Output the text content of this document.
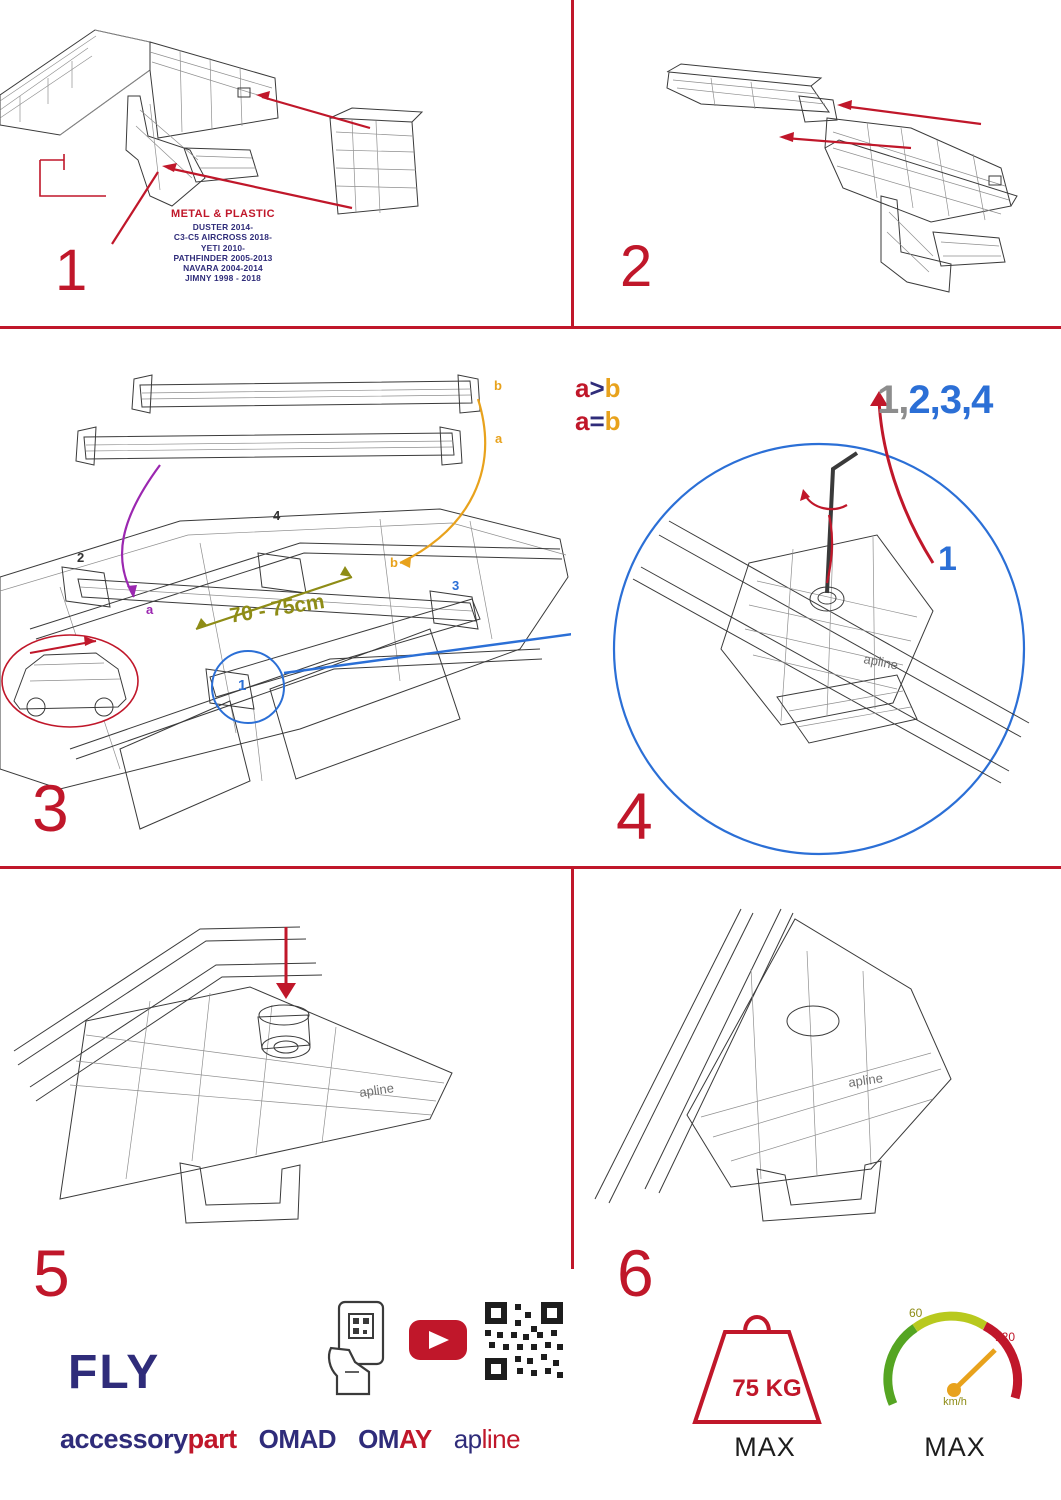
METAL & PLASTIC
DUSTER 2014-
C3-C5 AIRCROSS 2018-
YETI 2010-
PATHFINDER 2005-2013
NAVARA 2004-2014
JIMNY 1998 - 2018
1	2
a>b
a=b
70 - 75cm
b
a
b
a
2
3
4
1
3
apline
1,2,3,4
1
4
apline
apline
5	6
FLY
accessorypart OMAD OMAY apline
75 KG
MAX
60
120
km/h
MAX
